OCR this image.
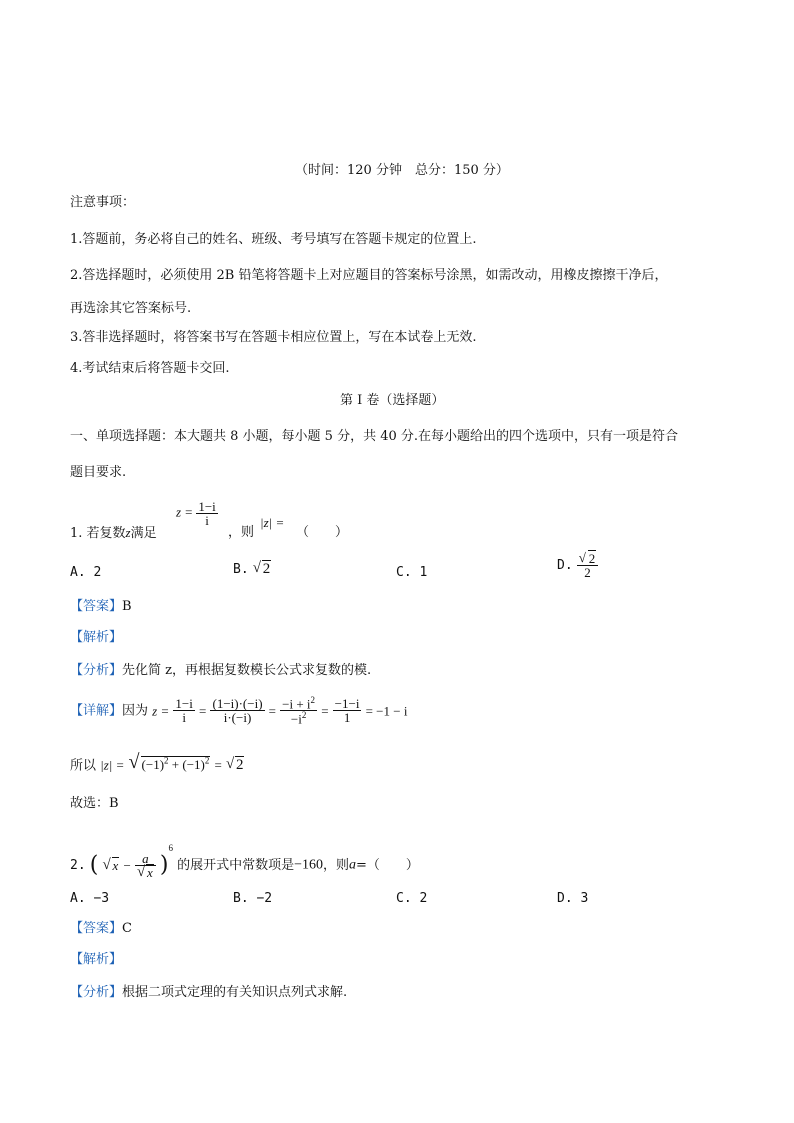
（时间：120 分钟　总分：150 分）
注意事项：
1.答题前，务必将自己的姓名、班级、考号填写在答题卡规定的位置上.
2.答选择题时，必须使用 2B 铅笔将答题卡上对应题目的答案标号涂黑，如需改动，用橡皮擦擦干净后，
再选涂其它答案标号.
3.答非选择题时，将答案书写在答题卡相应位置上，写在本试卷上无效.
4.考试结束后将答题卡交回.
第 I 卷（选择题）
一、单项选择题：本大题共 8 小题，每小题 5 分，共 40 分.在每小题给出的四个选项中，只有一项是符合
题目要求.
1. 若复数z满足
$z = \frac{1-i}{i}$
，则
|z| =
（　　）
A. 2	B. √ 2	C. 1	D. $\frac{√ 2}{2}$
【答案】B
【解析】
【分析】先化简 z，再根据复数模长公式求复数的模.
【详解】因为 $z = \frac{1-i}{i} = \frac{(1-i)\cdot(-i)}{i\cdot(-i)} = \frac{-i + i^2}{-i^2} = \frac{-1-i}{1} = -1 - i$
所以 |z| = √ $(-1)^2 + (-1)^2$ = √ 2
故选：B
2. ( √ $x - \frac{a}{√ x} )^6$ 的展开式中常数项是−160，则a=（　　）
A. −3	B. −2	C. 2	D. 3
【答案】C
【解析】
【分析】根据二项式定理的有关知识点列式求解.
